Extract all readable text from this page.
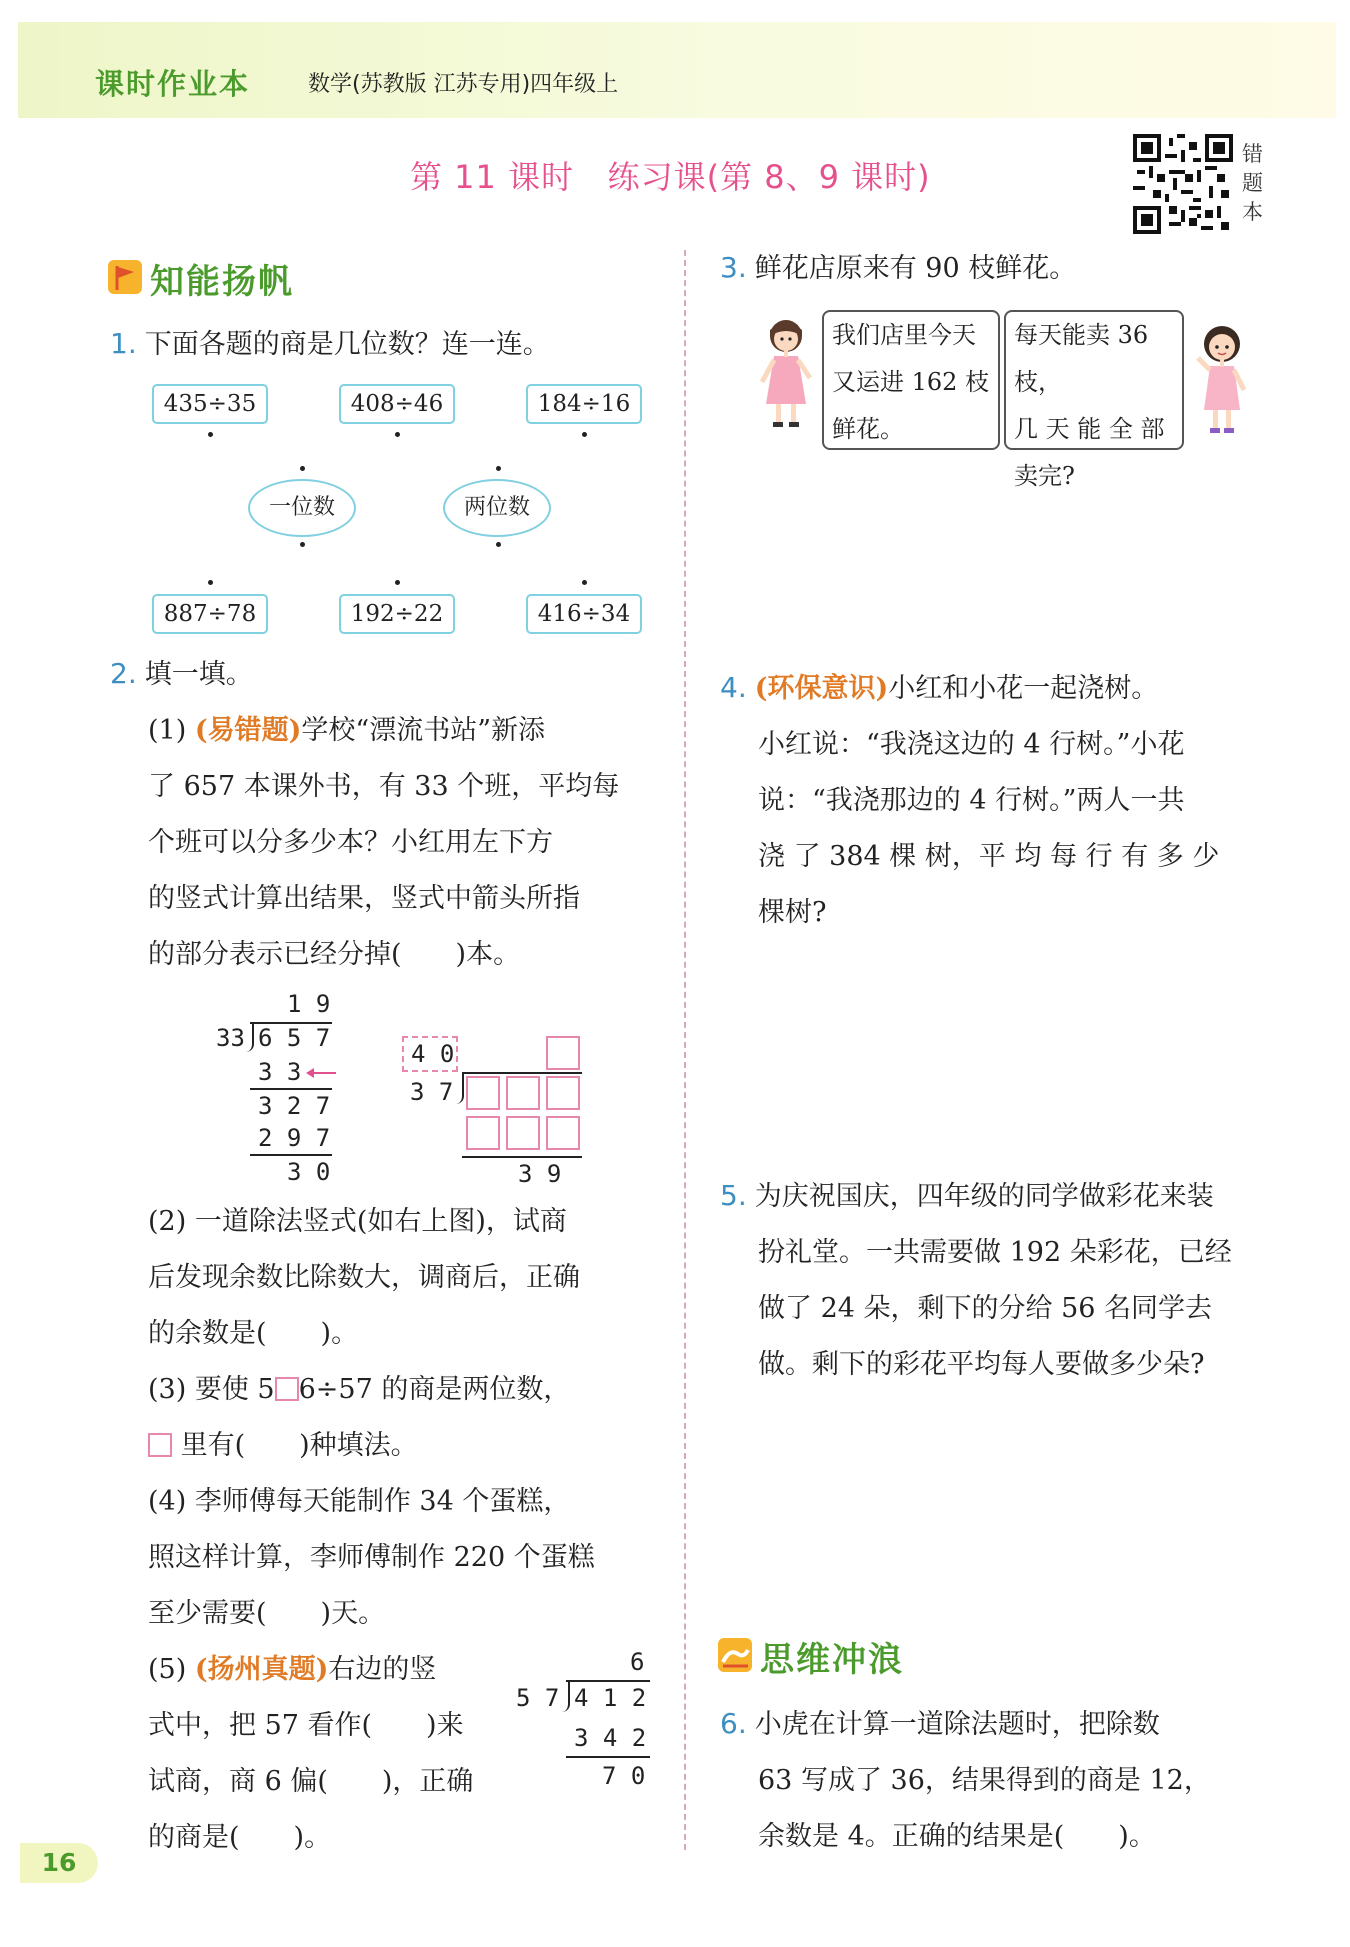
课时作业本	数学(苏教版 江苏专用)四年级上
第 11 课时   练习课(第 8、9 课时)
错
题
本
知能扬帆
1. 下面各题的商是几位数？连一连。
435÷35	408÷46	184÷16
一位数	两位数
887÷78	192÷22	416÷34
2. 填一填。
(1) (易错题)学校“漂流书站”新添
了 657 本课外书，有 33 个班，平均每
个班可以分多少本？小红用左下方
的竖式计算出结果，竖式中箭头所指
的部分表示已经分掉(　　)本。
1 9
33 6 5 7
3 3
3 2 7
2 9 7
3 0
4 0
3 7
3 9
(2) 一道除法竖式(如右上图)，试商
后发现余数比除数大，调商后，正确
的余数是(　　)。
(3) 要使 5 6÷57 的商是两位数，
里有(　　)种填法。
(4) 李师傅每天能制作 34 个蛋糕，
照这样计算，李师傅制作 220 个蛋糕
至少需要(　　)天。
(5) (扬州真题)右边的竖
式中，把 57 看作(　　)来
试商，商 6 偏(　　)，正确
的商是(　　)。
6
5 7 4 1 2
3 4 2
7 0
3. 鲜花店原来有 90 枝鲜花。
我们店里今天
又运进 162 枝
鲜花。
每天能卖 36 枝，
几 天 能 全 部
卖完?
4. (环保意识)小红和小花一起浇树。
小红说：“我浇这边的 4 行树。”小花
说：“我浇那边的 4 行树。”两人一共
浇 了 384 棵 树，平 均 每 行 有 多 少
棵树?
5. 为庆祝国庆，四年级的同学做彩花来装
扮礼堂。一共需要做 192 朵彩花，已经
做了 24 朵，剩下的分给 56 名同学去
做。剩下的彩花平均每人要做多少朵?
思维冲浪
6. 小虎在计算一道除法题时，把除数
63 写成了 36，结果得到的商是 12，
余数是 4。正确的结果是(　　)。
16
